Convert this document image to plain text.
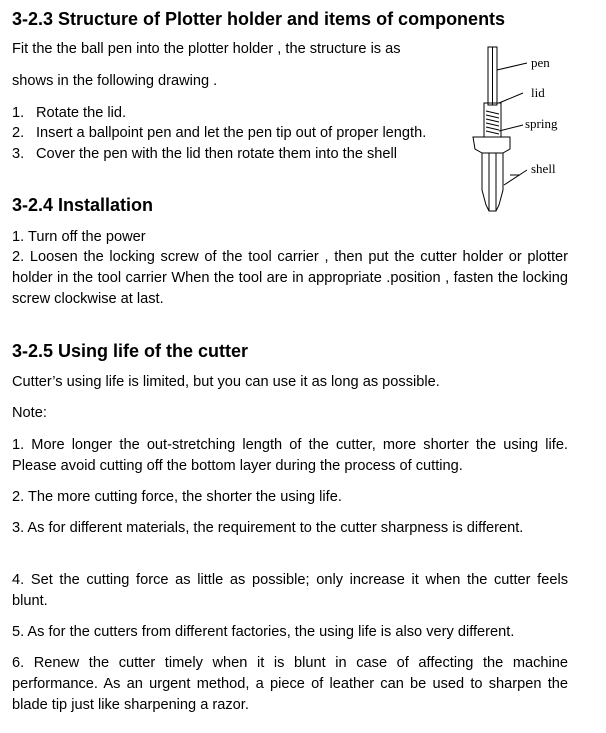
3-2.3 Structure of Plotter holder and items of components
Fit the the ball pen into the plotter holder , the structure is as
shows in the following drawing .
1. Rotate the lid.
2. Insert a ballpoint pen and let the pen tip out of proper length.
3. Cover the pen with the lid then rotate them into the shell
pen
lid
spring
shell
3-2.4 Installation
1. Turn off the power
2. Loosen the locking screw of the tool carrier , then put the cutter holder or plotter holder in the tool carrier When the tool are in appropriate .position , fasten the locking screw clockwise at last.
3-2.5 Using life of the cutter
Cutter’s using life is limited, but you can use it as long as possible.
Note:
1. More longer the out-stretching length of the cutter, more shorter the using life. Please avoid cutting off the bottom layer during the process of cutting.
2. The more cutting force, the shorter the using life.
3. As for different materials, the requirement to the cutter sharpness is different.
4. Set the cutting force as little as possible; only increase it when the cutter feels blunt.
5. As for the cutters from different factories, the using life is also very different.
6. Renew the cutter timely when it is blunt in case of affecting the machine performance. As an urgent method, a piece of leather can be used to sharpen the blade tip just like sharpening a razor.
